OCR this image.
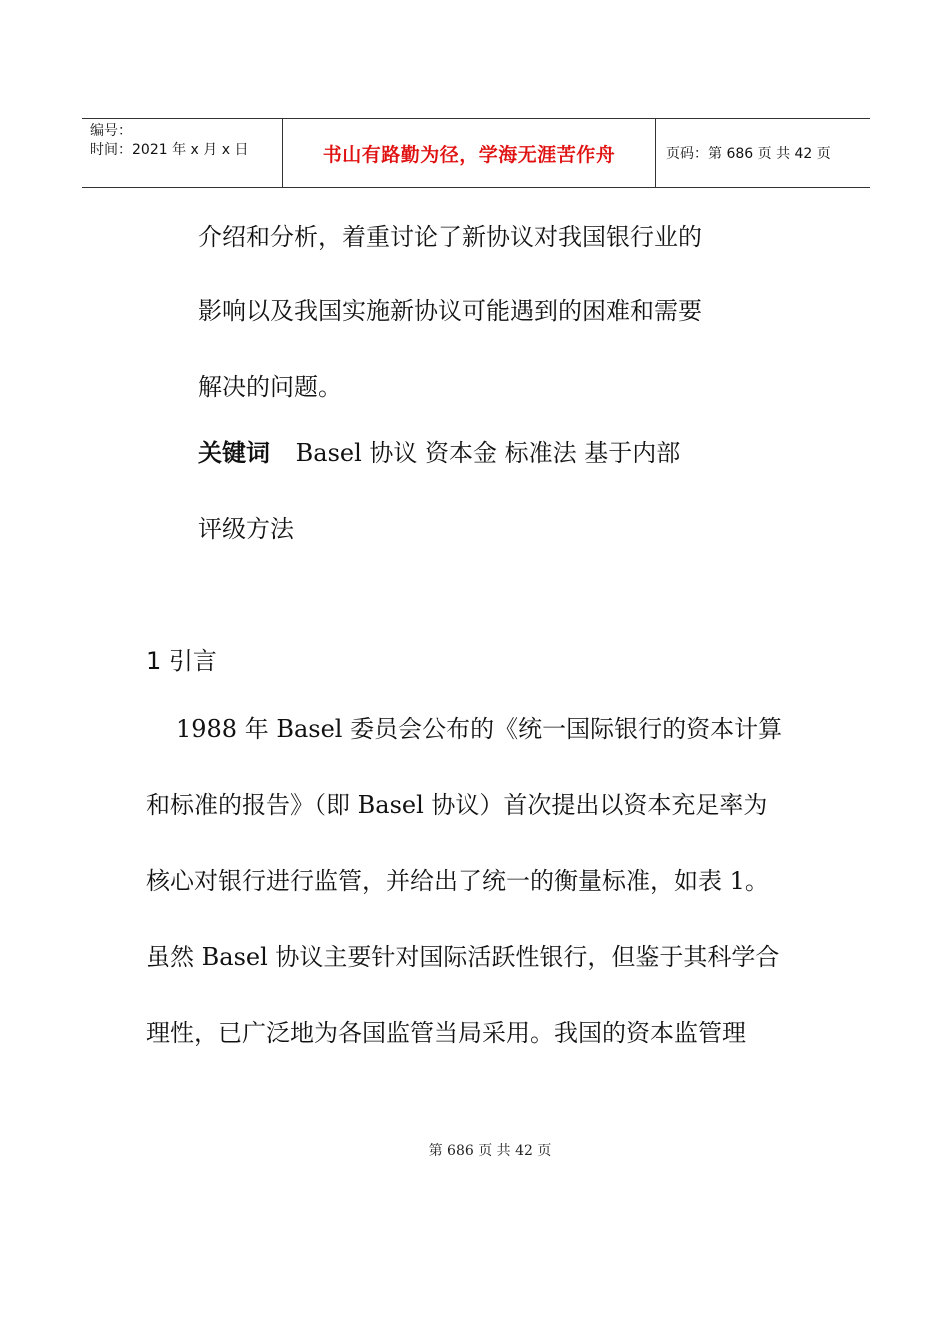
编号：
时间：2021 年 x 月 x 日	书山有路勤为径，学海无涯苦作舟	页码：第 686 页 共 42 页
介绍和分析，着重讨论了新协议对我国银行业的
影响以及我国实施新协议可能遇到的困难和需要
解决的问题。
关键词 Basel 协议 资本金 标准法 基于内部
评级方法
1 引言
1988 年 Basel 委员会公布的《统一国际银行的资本计算
和标准的报告》（即 Basel 协议）首次提出以资本充足率为
核心对银行进行监管，并给出了统一的衡量标准，如表 1。
虽然 Basel 协议主要针对国际活跃性银行，但鉴于其科学合
理性，已广泛地为各国监管当局采用。我国的资本监管理
第 686 页 共 42 页
